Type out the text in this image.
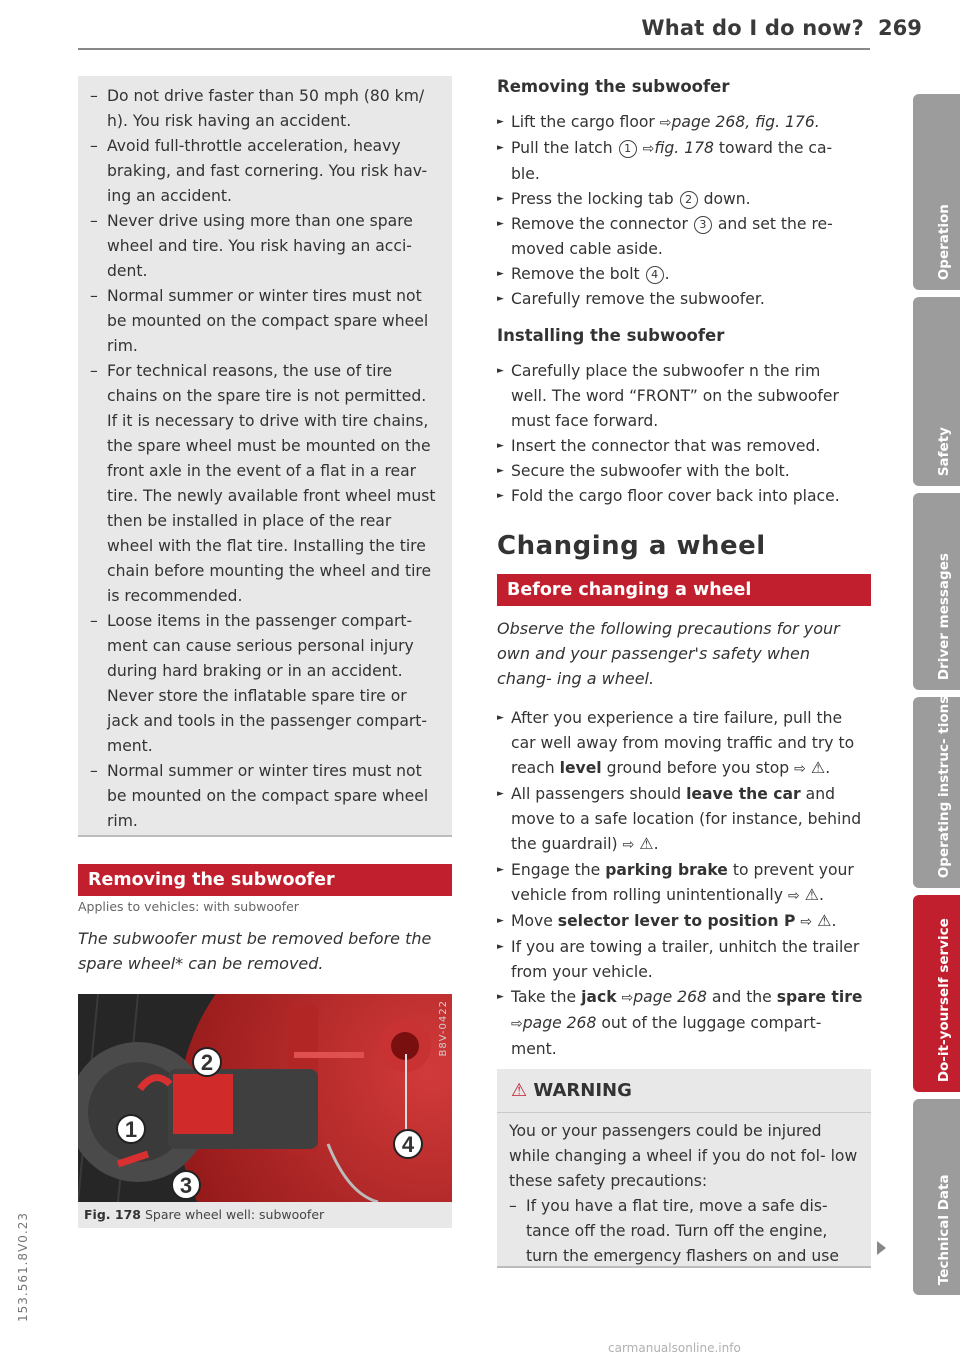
What do I do now? 269
– Do not drive faster than 50 mph (80 km/ h). You risk having an accident.
– Avoid full-throttle acceleration, heavy braking, and fast cornering. You risk hav- ing an accident.
– Never drive using more than one spare wheel and tire. You risk having an acci- dent.
– Normal summer or winter tires must not be mounted on the compact spare wheel rim.
– For technical reasons, the use of tire chains on the spare tire is not permitted. If it is necessary to drive with tire chains, the spare wheel must be mounted on the front axle in the event of a flat in a rear tire. The newly available front wheel must then be installed in place of the rear wheel with the flat tire. Installing the tire chain before mounting the wheel and tire is recommended.
– Loose items in the passenger compart- ment can cause serious personal injury during hard braking or in an accident. Never store the inflatable spare tire or jack and tools in the passenger compart- ment.
– Normal summer or winter tires must not be mounted on the compact spare wheel rim.
Removing the subwoofer
Applies to vehicles: with subwoofer
The subwoofer must be removed before the spare wheel* can be removed.
2
1
3
4
B8V-0422
Fig. 178 Spare wheel well: subwoofer
Removing the subwoofer
► Lift the cargo floor ⇨page 268, fig. 176.
► Pull the latch 1 ⇨fig. 178 toward the ca- ble.
► Press the locking tab 2 down.
► Remove the connector 3 and set the re- moved cable aside.
► Remove the bolt 4 .
► Carefully remove the subwoofer.
Installing the subwoofer
► Carefully place the subwoofer n the rim well. The word “FRONT” on the subwoofer must face forward.
► Insert the connector that was removed.
► Secure the subwoofer with the bolt.
► Fold the cargo floor cover back into place.
Changing a wheel
Before changing a wheel
Observe the following precautions for your own and your passenger's safety when chang- ing a wheel.
► After you experience a tire failure, pull the car well away from moving traffic and try to reach level ground before you stop ⇨ ⚠.
► All passengers should leave the car and move to a safe location (for instance, behind the guardrail) ⇨ ⚠.
► Engage the parking brake to prevent your vehicle from rolling unintentionally ⇨ ⚠.
► Move selector lever to position P ⇨ ⚠.
► If you are towing a trailer, unhitch the trailer from your vehicle.
► Take the jack ⇨page 268 and the spare tire ⇨page 268 out of the luggage compart- ment.
⚠ WARNING
You or your passengers could be injured while changing a wheel if you do not fol- low these safety precautions:
– If you have a flat tire, move a safe dis- tance off the road. Turn off the engine, turn the emergency flashers on and use
Operation
Safety
Driver messages
Operating instruc- tions
Do-it-yourself service
Technical Data
153.561.8V0.23
carmanualsonline.info
